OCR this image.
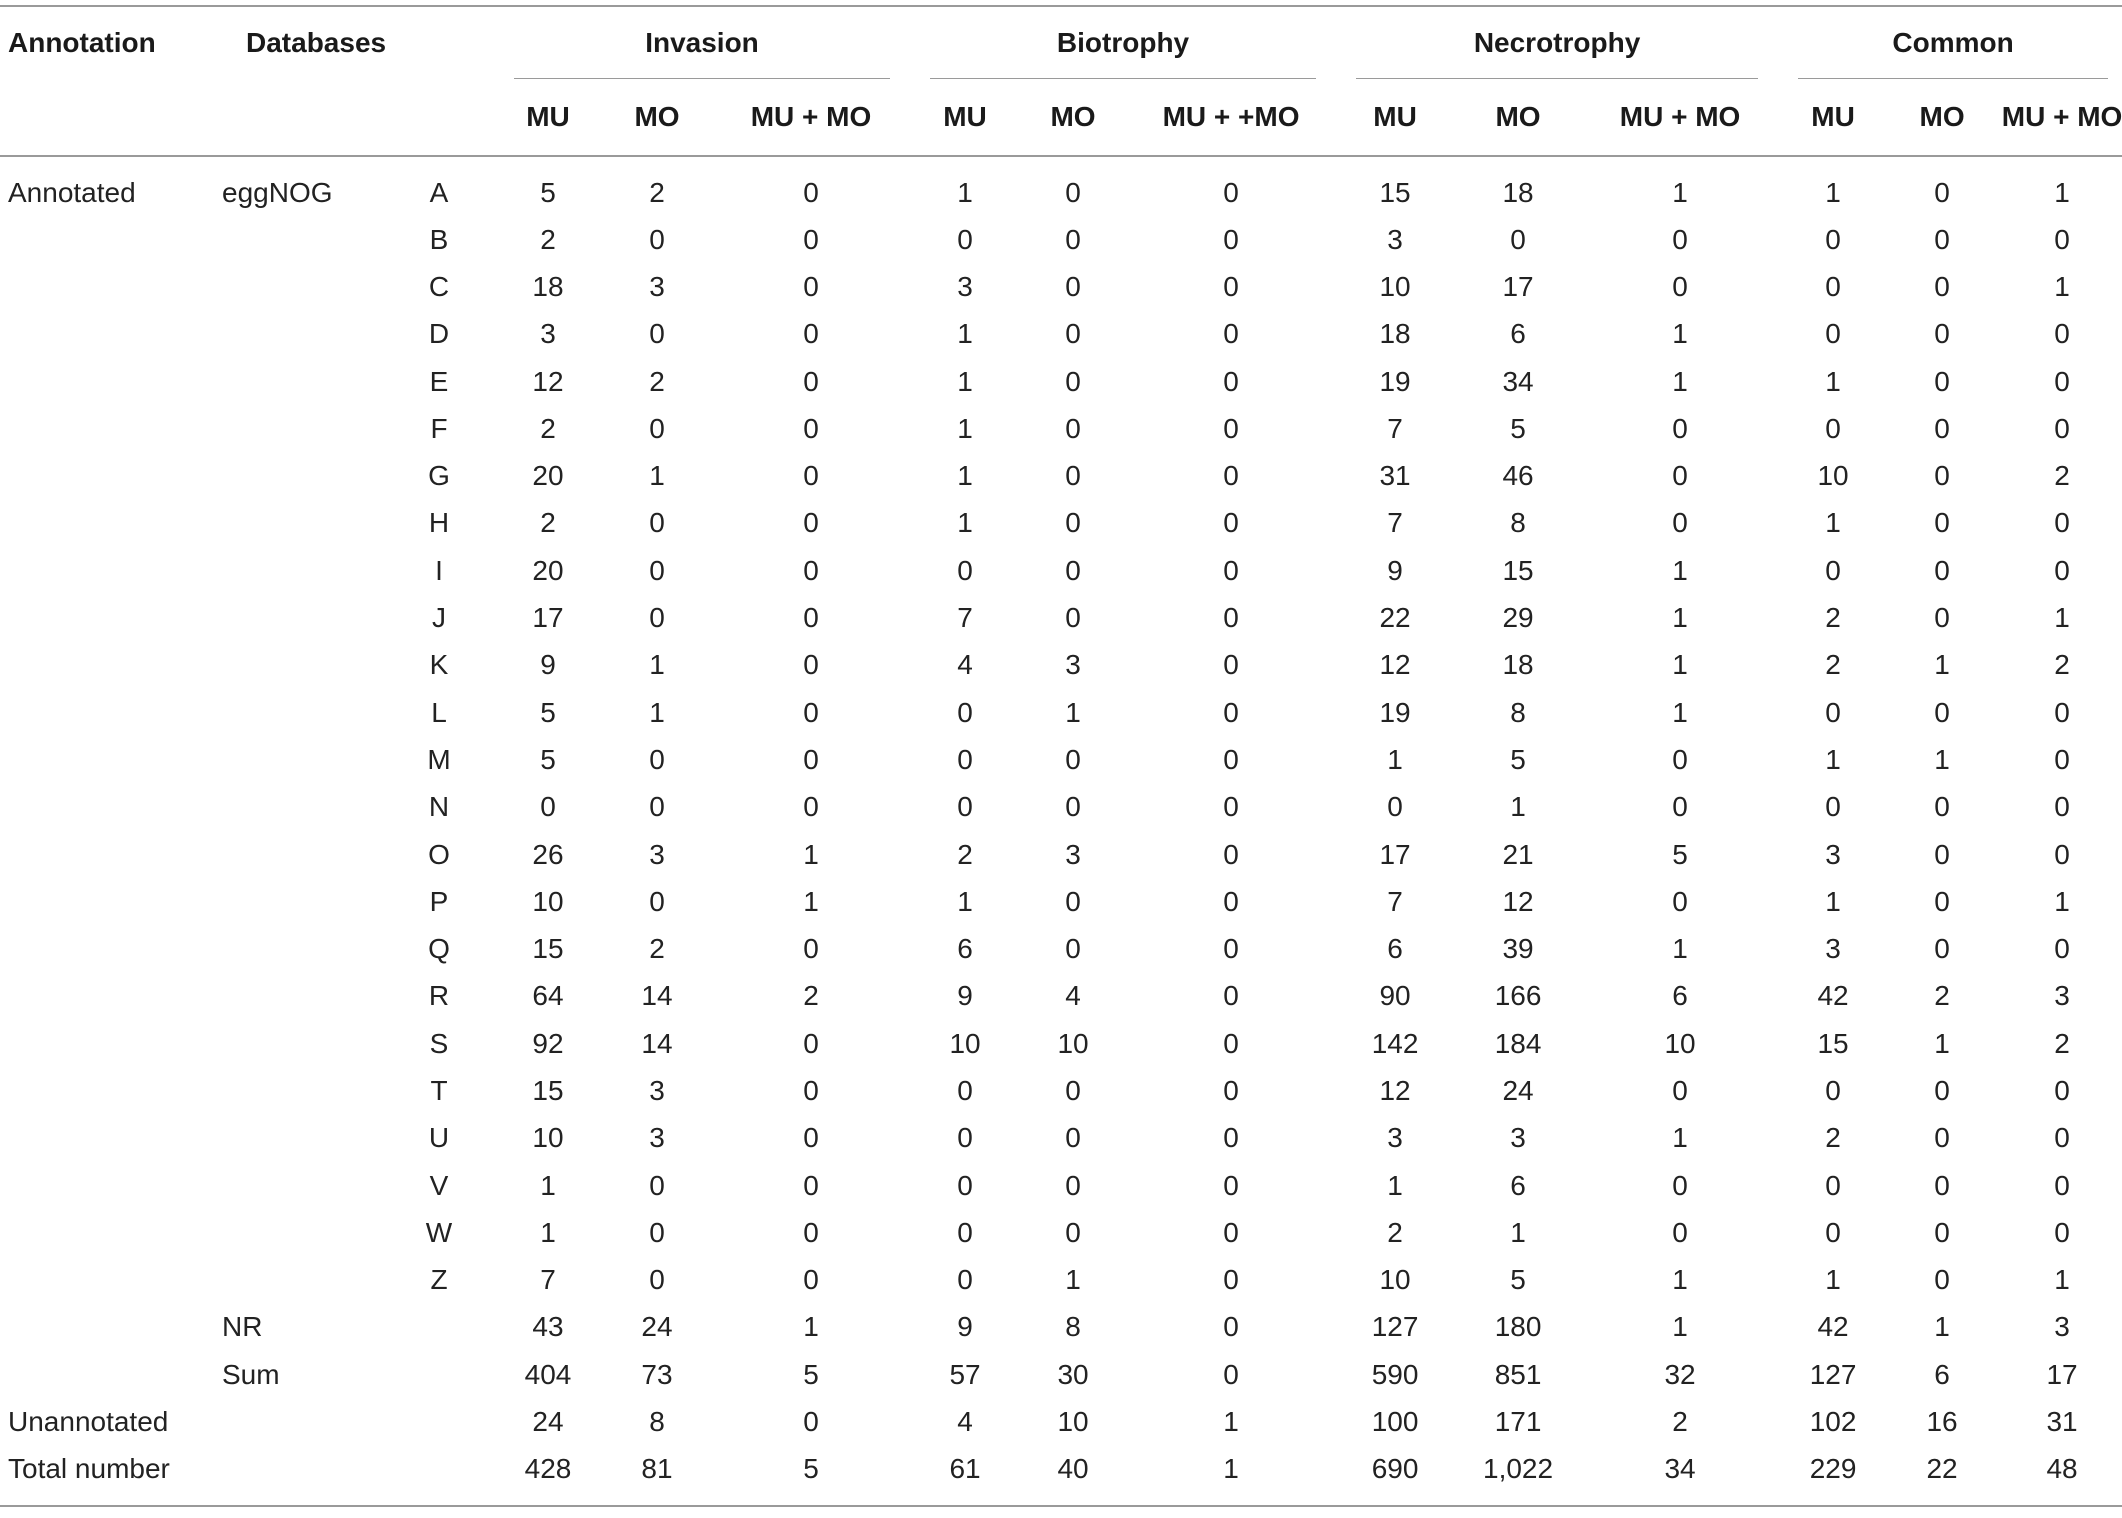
Annotation	Databases		Invasion			Biotrophy			Necrotrophy			Common		

			MU	MO	MU + MO	MU	MO	MU + +MO	MU	MO	MU + MO	MU	MO	MU + MO
Annotated	eggNOG	A	5	2	0	1	0	0	15	18	1	1	0	1
		B	2	0	0	0	0	0	3	0	0	0	0	0
		C	18	3	0	3	0	0	10	17	0	0	0	1
		D	3	0	0	1	0	0	18	6	1	0	0	0
		E	12	2	0	1	0	0	19	34	1	1	0	0
		F	2	0	0	1	0	0	7	5	0	0	0	0
		G	20	1	0	1	0	0	31	46	0	10	0	2
		H	2	0	0	1	0	0	7	8	0	1	0	0
		I	20	0	0	0	0	0	9	15	1	0	0	0
		J	17	0	0	7	0	0	22	29	1	2	0	1
		K	9	1	0	4	3	0	12	18	1	2	1	2
		L	5	1	0	0	1	0	19	8	1	0	0	0
		M	5	0	0	0	0	0	1	5	0	1	1	0
		N	0	0	0	0	0	0	0	1	0	0	0	0
		O	26	3	1	2	3	0	17	21	5	3	0	0
		P	10	0	1	1	0	0	7	12	0	1	0	1
		Q	15	2	0	6	0	0	6	39	1	3	0	0
		R	64	14	2	9	4	0	90	166	6	42	2	3
		S	92	14	0	10	10	0	142	184	10	15	1	2
		T	15	3	0	0	0	0	12	24	0	0	0	0
		U	10	3	0	0	0	0	3	3	1	2	0	0
		V	1	0	0	0	0	0	1	6	0	0	0	0
		W	1	0	0	0	0	0	2	1	0	0	0	0
		Z	7	0	0	0	1	0	10	5	1	1	0	1
	NR		43	24	1	9	8	0	127	180	1	42	1	3
	Sum		404	73	5	57	30	0	590	851	32	127	6	17
Unannotated			24	8	0	4	10	1	100	171	2	102	16	31
Total number			428	81	5	61	40	1	690	1,022	34	229	22	48
